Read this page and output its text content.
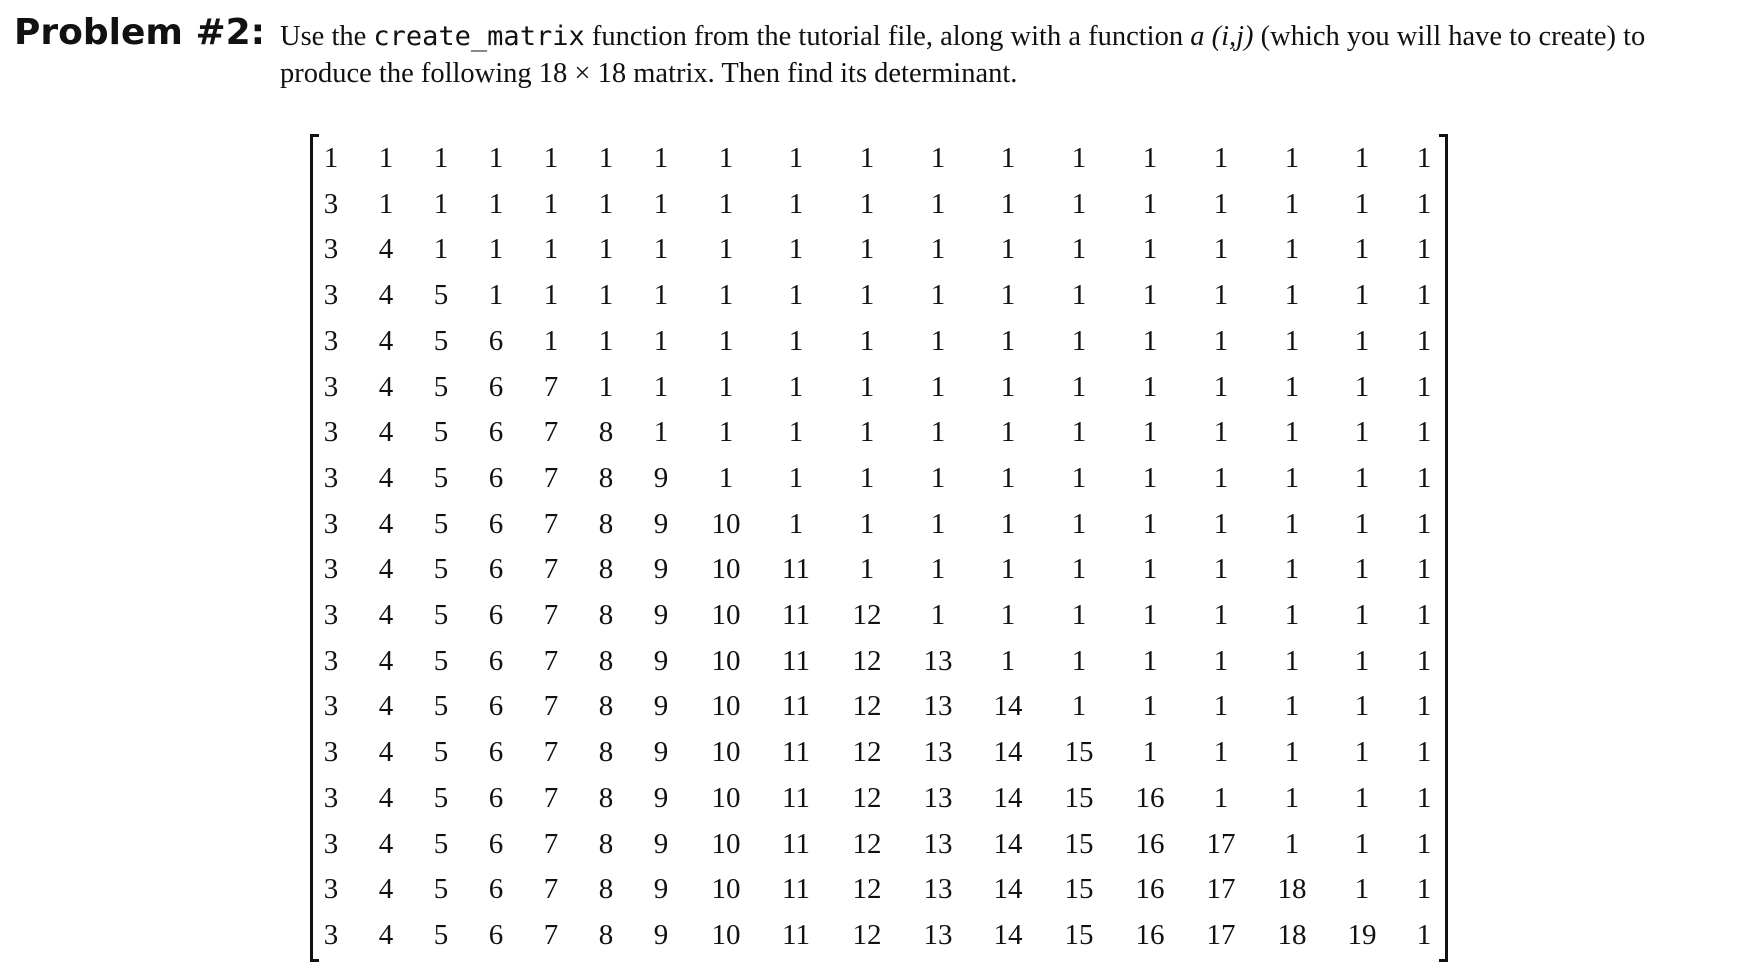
Problem #2: Use the create_matrix function from the tutorial file, along with a function a (i,j) (which you will have to create) to produce the following 18 × 18 matrix. Then find its determinant.
1	1	1	1	1	1	1	1	1	1	1	1	1	1	1	1	1	1
3	1	1	1	1	1	1	1	1	1	1	1	1	1	1	1	1	1
3	4	1	1	1	1	1	1	1	1	1	1	1	1	1	1	1	1
3	4	5	1	1	1	1	1	1	1	1	1	1	1	1	1	1	1
3	4	5	6	1	1	1	1	1	1	1	1	1	1	1	1	1	1
3	4	5	6	7	1	1	1	1	1	1	1	1	1	1	1	1	1
3	4	5	6	7	8	1	1	1	1	1	1	1	1	1	1	1	1
3	4	5	6	7	8	9	1	1	1	1	1	1	1	1	1	1	1
3	4	5	6	7	8	9	10	1	1	1	1	1	1	1	1	1	1
3	4	5	6	7	8	9	10	11	1	1	1	1	1	1	1	1	1
3	4	5	6	7	8	9	10	11	12	1	1	1	1	1	1	1	1
3	4	5	6	7	8	9	10	11	12	13	1	1	1	1	1	1	1
3	4	5	6	7	8	9	10	11	12	13	14	1	1	1	1	1	1
3	4	5	6	7	8	9	10	11	12	13	14	15	1	1	1	1	1
3	4	5	6	7	8	9	10	11	12	13	14	15	16	1	1	1	1
3	4	5	6	7	8	9	10	11	12	13	14	15	16	17	1	1	1
3	4	5	6	7	8	9	10	11	12	13	14	15	16	17	18	1	1
3	4	5	6	7	8	9	10	11	12	13	14	15	16	17	18	19	1
